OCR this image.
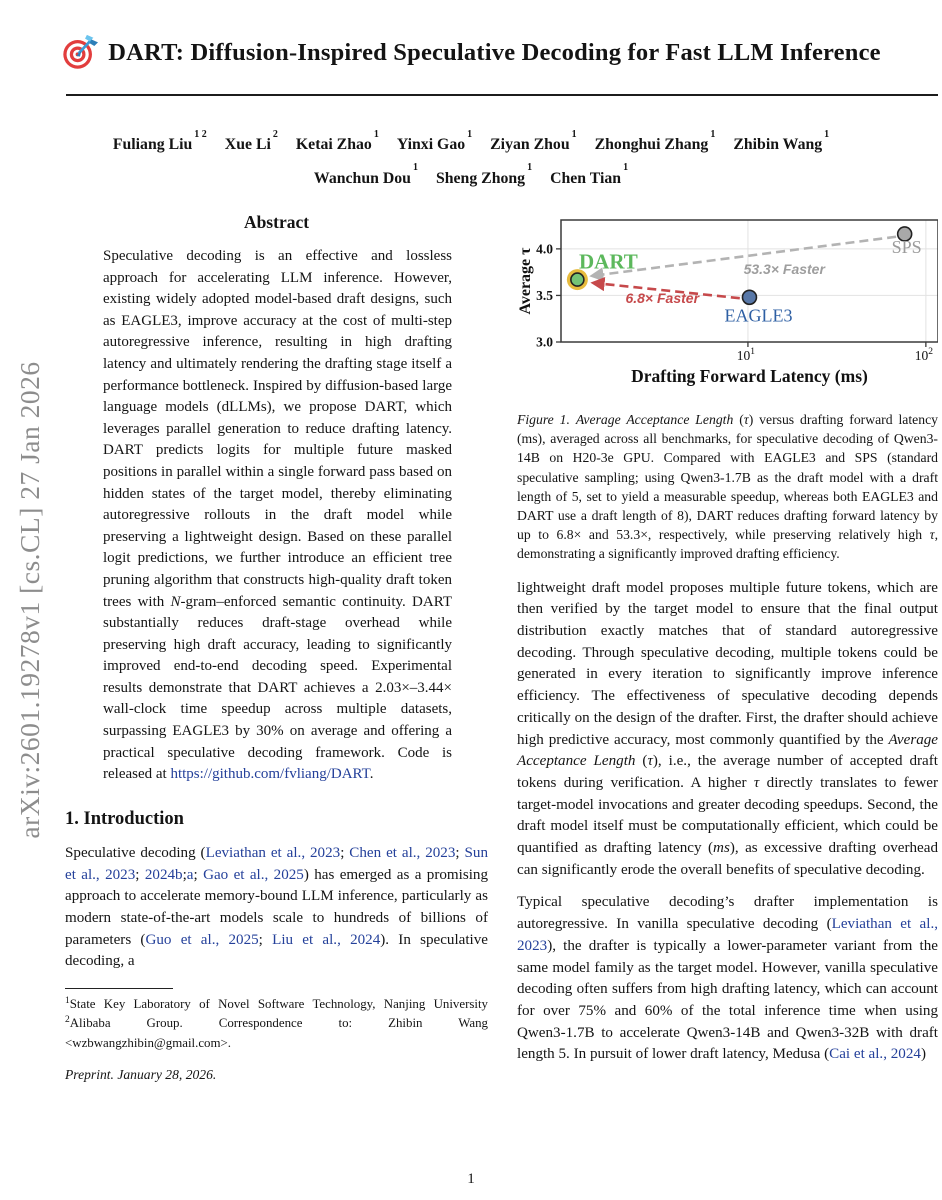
arXiv:2601.19278v1 [cs.CL] 27 Jan 2026
DART: Diffusion-Inspired Speculative Decoding for Fast LLM Inference
Fuliang Liu$^{1 2}$Xue Li$^2$Ketai Zhao$^1$Yinxi Gao$^1$Ziyan Zhou$^1$Zhonghui Zhang$^1$Zhibin Wang$^1$
Wanchun Dou$^1$Sheng Zhong$^1$Chen Tian$^1$
Abstract
Speculative decoding is an effective and lossless approach for accelerating LLM inference. However, existing widely adopted model-based draft designs, such as EAGLE3, improve accuracy at the cost of multi-step autoregressive inference, resulting in high drafting latency and ultimately rendering the drafting stage itself a performance bottleneck. Inspired by diffusion-based large language models (dLLMs), we propose DART, which leverages parallel generation to reduce drafting latency. DART predicts logits for multiple future masked positions in parallel within a single forward pass based on hidden states of the target model, thereby eliminating autoregressive rollouts in the draft model while preserving a lightweight design. Based on these parallel logit predictions, we further introduce an efficient tree pruning algorithm that constructs high-quality draft token trees with N-gram–enforced semantic continuity. DART substantially reduces draft-stage overhead while preserving high draft accuracy, leading to significantly improved end-to-end decoding speed. Experimental results demonstrate that DART achieves a 2.03×–3.44× wall-clock time speedup across multiple datasets, surpassing EAGLE3 by 30% on average and offering a practical speculative decoding framework. Code is released at https://github.com/fvliang/DART.
1. Introduction
Speculative decoding (Leviathan et al., 2023; Chen et al., 2023; Sun et al., 2023; 2024b;a; Gao et al., 2025) has emerged as a promising approach to accelerate memory-bound LLM inference, particularly as modern state-of-the-art models scale to hundreds of billions of parameters (Guo et al., 2025; Liu et al., 2024). In speculative decoding, a
$^1$State Key Laboratory of Novel Software Technology, Nanjing University $^2$Alibaba Group. Correspondence to: Zhibin Wang <wzbwangzhibin@gmail.com>.
Preprint. January 28, 2026.
53.3× Faster
6.8× Faster
DART
EAGLE3
SPS
3.0
3.5
4.0
$10^1$	$10^2$
Average τ
Drafting Forward Latency (ms)
Figure 1. Average Acceptance Length (τ) versus drafting forward latency (ms), averaged across all benchmarks, for speculative decoding of Qwen3-14B on H20-3e GPU. Compared with EAGLE3 and SPS (standard speculative sampling; using Qwen3-1.7B as the draft model with a draft length of 5, set to yield a measurable speedup, whereas both EAGLE3 and DART use a draft length of 8), DART reduces drafting forward latency by up to 6.8× and 53.3×, respectively, while preserving relatively high τ, demonstrating a significantly improved drafting efficiency.
lightweight draft model proposes multiple future tokens, which are then verified by the target model to ensure that the final output distribution exactly matches that of standard autoregressive decoding. Through speculative decoding, multiple tokens could be generated in every iteration to significantly improve inference efficiency. The effectiveness of speculative decoding depends critically on the design of the drafter. First, the drafter should achieve high predictive accuracy, most commonly quantified by the Average Acceptance Length (τ), i.e., the average number of accepted draft tokens during verification. A higher τ directly translates to fewer target-model invocations and greater decoding speedups. Second, the draft model itself must be computationally efficient, which could be quantified as drafting latency (ms), as excessive drafting overhead can significantly erode the overall benefits of speculative decoding.
Typical speculative decoding’s drafter implementation is autoregressive. In vanilla speculative decoding (Leviathan et al., 2023), the drafter is typically a lower-parameter variant from the same model family as the target model. However, vanilla speculative decoding often suffers from high drafting latency, which can account for over 75% and 60% of the total inference time when using Qwen3-1.7B to accelerate Qwen3-14B and Qwen3-32B with draft length 5. In pursuit of lower draft latency, Medusa (Cai et al., 2024)
1
